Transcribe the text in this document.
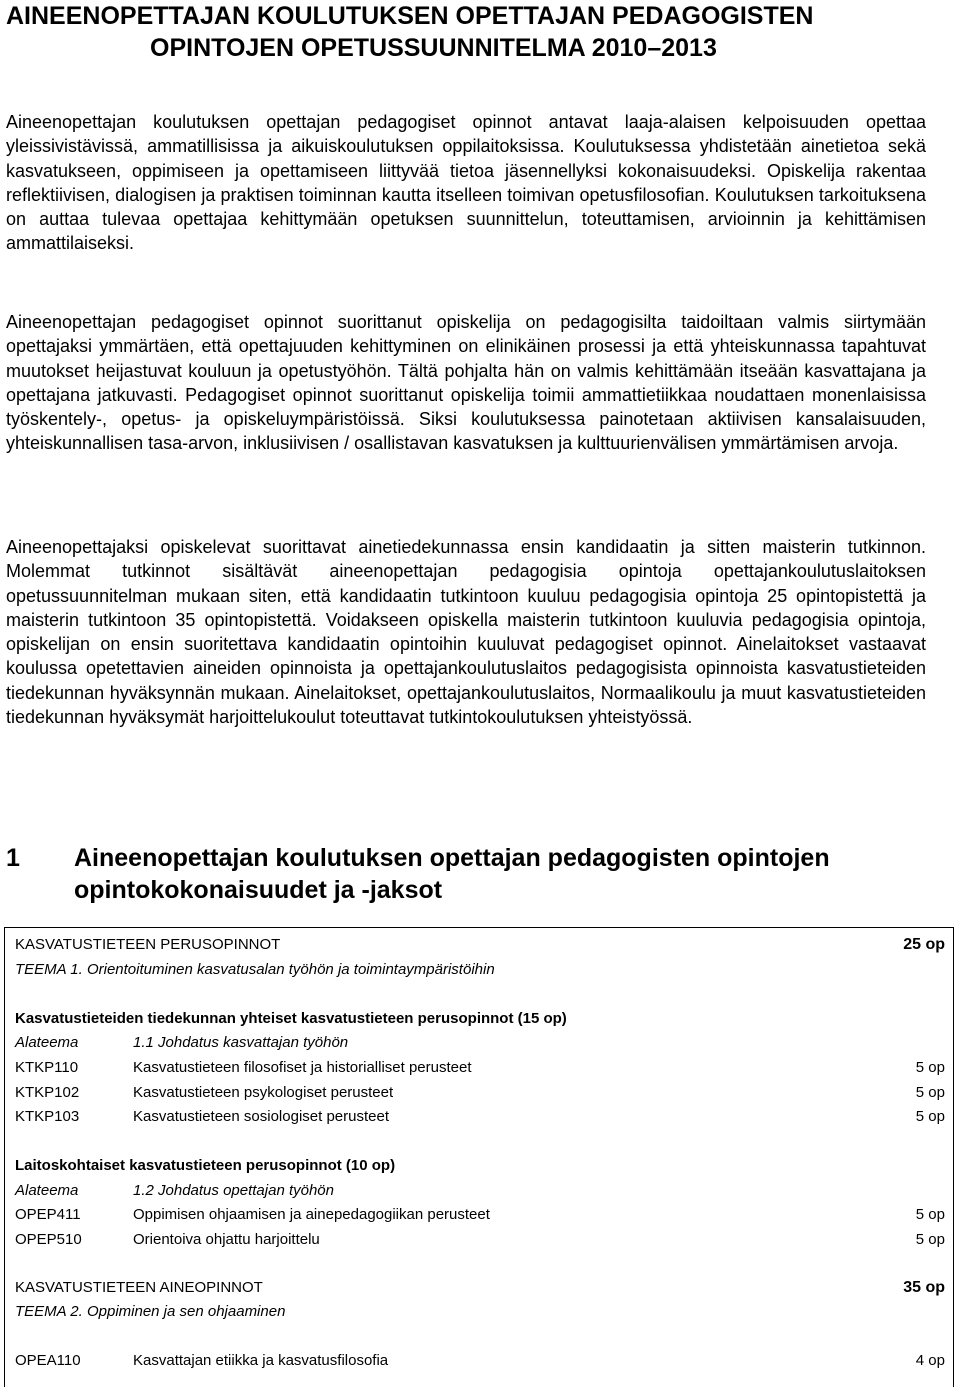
AINEENOPETTAJAN KOULUTUKSEN OPETTAJAN PEDAGOGISTEN
OPINTOJEN OPETUSSUUNNITELMA 2010–2013

Aineenopettajan koulutuksen opettajan pedagogiset opinnot antavat laaja-alaisen kelpoisuuden opettaa yleissivistävissä, ammatillisissa ja aikuiskoulutuksen oppilaitoksissa. Koulutuksessa yhdistetään ainetietoa sekä kasvatukseen, oppimiseen ja opettamiseen liittyvää tietoa jäsennellyksi kokonaisuudeksi. Opiskelija rakentaa reflektiivisen, dialogisen ja praktisen toiminnan kautta itselleen toimivan opetusfilosofian. Koulutuksen tarkoituksena on auttaa tulevaa opettajaa kehittymään opetuksen suunnittelun, toteuttamisen, arvioinnin ja kehittämisen ammattilaiseksi.

Aineenopettajan pedagogiset opinnot suorittanut opiskelija on pedagogisilta taidoiltaan valmis siirtymään opettajaksi ymmärtäen, että opettajuuden kehittyminen on elinikäinen prosessi ja että yhteiskunnassa tapahtuvat muutokset heijastuvat kouluun ja opetustyöhön. Tältä pohjalta hän on valmis kehittämään itseään kasvattajana ja opettajana jatkuvasti. Pedagogiset opinnot suorittanut opiskelija toimii ammattietiikkaa noudattaen monenlaisissa työskentely-, opetus- ja opiskeluympäristöissä. Siksi koulutuksessa painotetaan aktiivisen kansalaisuuden, yhteiskunnallisen tasa-arvon, inklusiivisen / osallistavan kasvatuksen ja kulttuurienvälisen ymmärtämisen arvoja.

Aineenopettajaksi opiskelevat suorittavat ainetiedekunnassa ensin kandidaatin ja sitten maisterin tutkinnon. Molemmat tutkinnot sisältävät aineenopettajan pedagogisia opintoja opettajankoulutuslaitoksen opetussuunnitelman mukaan siten, että kandidaatin tutkintoon kuuluu pedagogisia opintoja 25 opintopistettä ja maisterin tutkintoon 35 opintopistettä. Voidakseen opiskella maisterin tutkintoon kuuluvia pedagogisia opintoja, opiskelijan on ensin suoritettava kandidaatin opintoihin kuuluvat pedagogiset opinnot. Ainelaitokset vastaavat koulussa opetettavien aineiden opinnoista ja opettajankoulutuslaitos pedagogisista opinnoista kasvatustieteiden tiedekunnan hyväksynnän mukaan. Ainelaitokset, opettajankoulutuslaitos, Normaalikoulu ja muut kasvatustieteiden tiedekunnan hyväksymät harjoittelukoulut toteuttavat tutkintokoulutuksen yhteistyössä.

1	Aineenopettajan koulutuksen opettajan pedagogisten opintojen
opintokokonaisuudet ja -jaksot
KASVATUSTIETEEN PERUSOPINNOT	25 op
TEEMA 1. Orientoituminen kasvatusalan työhön ja toimintaympäristöihin
Kasvatustieteiden tiedekunnan yhteiset kasvatustieteen perusopinnot (15 op)
Alateema	1.1 Johdatus kasvattajan työhön
KTKP110	Kasvatustieteen filosofiset ja historialliset perusteet	5 op
KTKP102	Kasvatustieteen psykologiset perusteet	5 op
KTKP103	Kasvatustieteen sosiologiset perusteet	5 op
Laitoskohtaiset kasvatustieteen perusopinnot (10 op)
Alateema	1.2 Johdatus opettajan työhön
OPEP411	Oppimisen ohjaamisen ja ainepedagogiikan perusteet	5 op
OPEP510	Orientoiva ohjattu harjoittelu	5 op
KASVATUSTIETEEN AINEOPINNOT	35 op
TEEMA 2. Oppiminen ja sen ohjaaminen
OPEA110	Kasvattajan etiikka ja kasvatusfilosofia	4 op
